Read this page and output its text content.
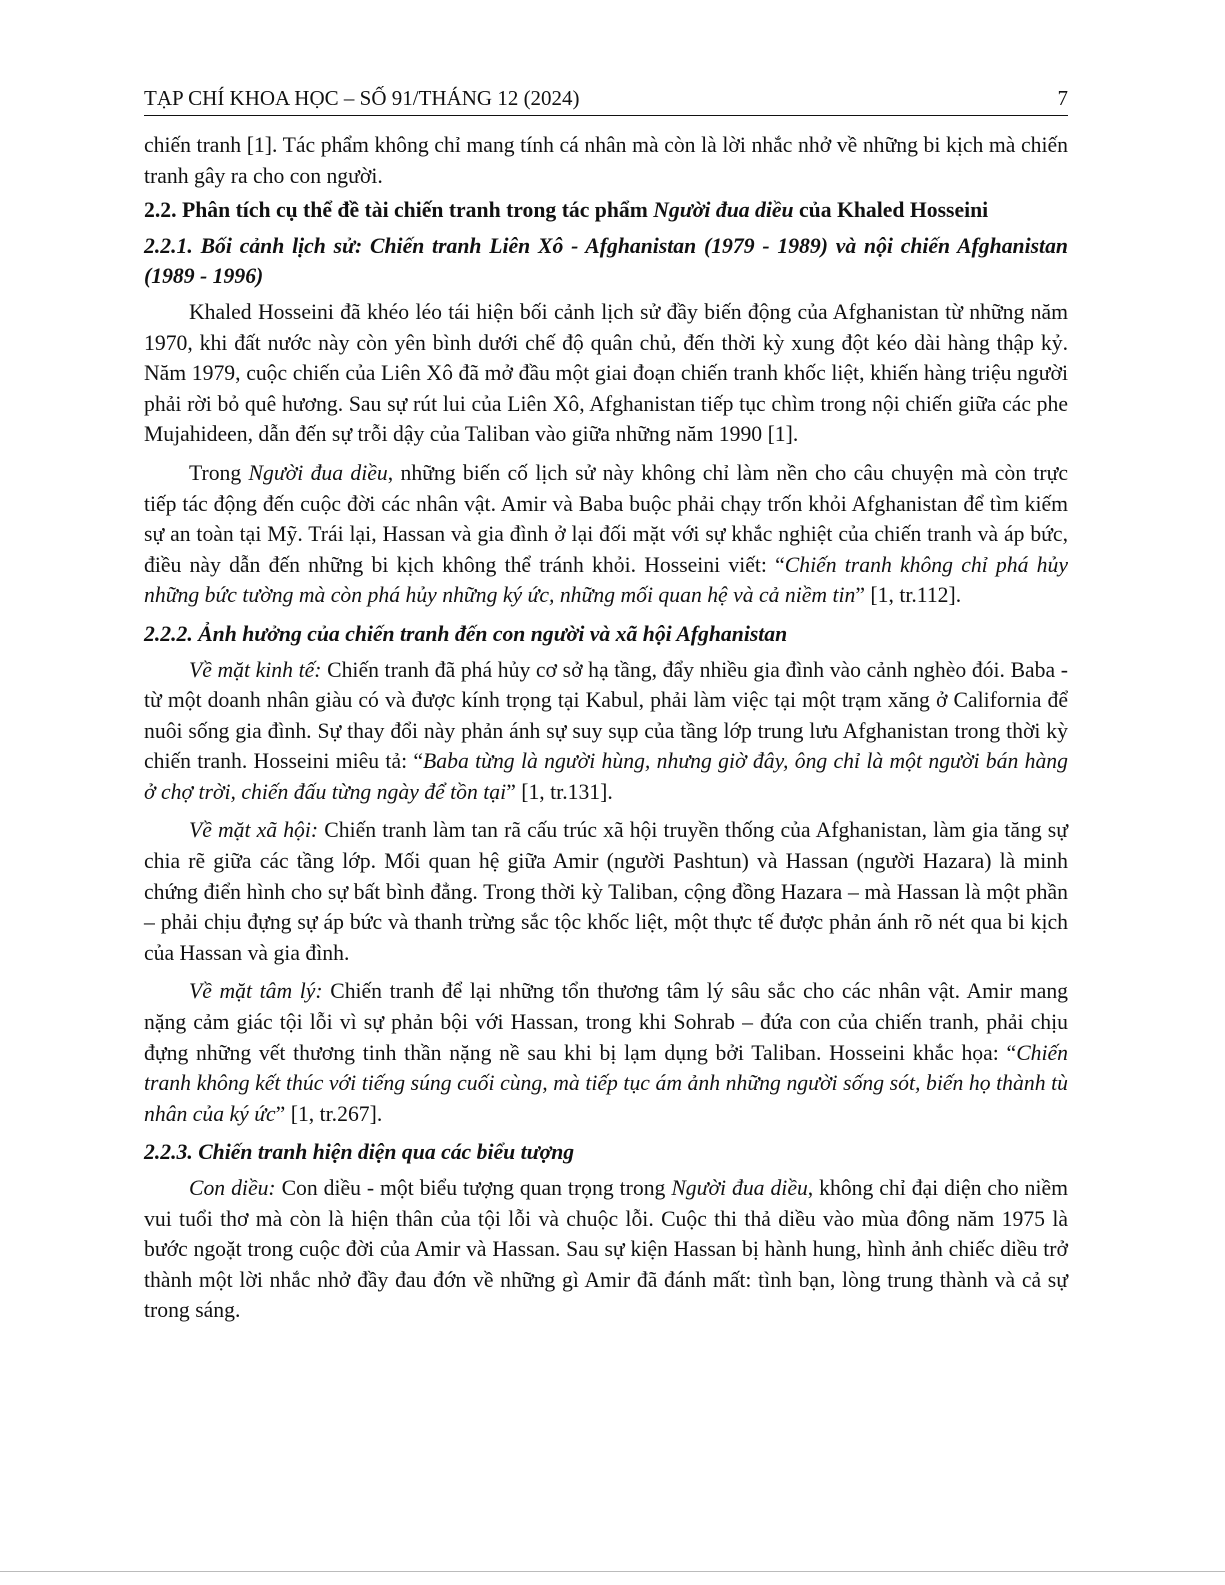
TẠP CHÍ KHOA HỌC – SỐ 91/THÁNG 12 (2024)	7

chiến tranh [1]. Tác phẩm không chỉ mang tính cá nhân mà còn là lời nhắc nhở về những bi kịch mà chiến tranh gây ra cho con người.

2.2. Phân tích cụ thể đề tài chiến tranh trong tác phẩm Người đua diều của Khaled Hosseini

2.2.1. Bối cảnh lịch sử: Chiến tranh Liên Xô - Afghanistan (1979 - 1989) và nội chiến Afghanistan (1989 - 1996)

Khaled Hosseini đã khéo léo tái hiện bối cảnh lịch sử đầy biến động của Afghanistan từ những năm 1970, khi đất nước này còn yên bình dưới chế độ quân chủ, đến thời kỳ xung đột kéo dài hàng thập kỷ. Năm 1979, cuộc chiến của Liên Xô đã mở đầu một giai đoạn chiến tranh khốc liệt, khiến hàng triệu người phải rời bỏ quê hương. Sau sự rút lui của Liên Xô, Afghanistan tiếp tục chìm trong nội chiến giữa các phe Mujahideen, dẫn đến sự trỗi dậy của Taliban vào giữa những năm 1990 [1].

Trong Người đua diều, những biến cố lịch sử này không chỉ làm nền cho câu chuyện mà còn trực tiếp tác động đến cuộc đời các nhân vật. Amir và Baba buộc phải chạy trốn khỏi Afghanistan để tìm kiếm sự an toàn tại Mỹ. Trái lại, Hassan và gia đình ở lại đối mặt với sự khắc nghiệt của chiến tranh và áp bức, điều này dẫn đến những bi kịch không thể tránh khỏi. Hosseini viết: “Chiến tranh không chỉ phá hủy những bức tường mà còn phá hủy những ký ức, những mối quan hệ và cả niềm tin” [1, tr.112].

2.2.2. Ảnh hưởng của chiến tranh đến con người và xã hội Afghanistan

Về mặt kinh tế: Chiến tranh đã phá hủy cơ sở hạ tầng, đẩy nhiều gia đình vào cảnh nghèo đói. Baba - từ một doanh nhân giàu có và được kính trọng tại Kabul, phải làm việc tại một trạm xăng ở California để nuôi sống gia đình. Sự thay đổi này phản ánh sự suy sụp của tầng lớp trung lưu Afghanistan trong thời kỳ chiến tranh. Hosseini miêu tả: “Baba từng là người hùng, nhưng giờ đây, ông chỉ là một người bán hàng ở chợ trời, chiến đấu từng ngày để tồn tại” [1, tr.131].

Về mặt xã hội: Chiến tranh làm tan rã cấu trúc xã hội truyền thống của Afghanistan, làm gia tăng sự chia rẽ giữa các tầng lớp. Mối quan hệ giữa Amir (người Pashtun) và Hassan (người Hazara) là minh chứng điển hình cho sự bất bình đẳng. Trong thời kỳ Taliban, cộng đồng Hazara – mà Hassan là một phần – phải chịu đựng sự áp bức và thanh trừng sắc tộc khốc liệt, một thực tế được phản ánh rõ nét qua bi kịch của Hassan và gia đình.

Về mặt tâm lý: Chiến tranh để lại những tổn thương tâm lý sâu sắc cho các nhân vật. Amir mang nặng cảm giác tội lỗi vì sự phản bội với Hassan, trong khi Sohrab – đứa con của chiến tranh, phải chịu đựng những vết thương tinh thần nặng nề sau khi bị lạm dụng bởi Taliban. Hosseini khắc họa: “Chiến tranh không kết thúc với tiếng súng cuối cùng, mà tiếp tục ám ảnh những người sống sót, biến họ thành tù nhân của ký ức” [1, tr.267].

2.2.3. Chiến tranh hiện diện qua các biểu tượng

Con diều: Con diều - một biểu tượng quan trọng trong Người đua diều, không chỉ đại diện cho niềm vui tuổi thơ mà còn là hiện thân của tội lỗi và chuộc lỗi. Cuộc thi thả diều vào mùa đông năm 1975 là bước ngoặt trong cuộc đời của Amir và Hassan. Sau sự kiện Hassan bị hành hung, hình ảnh chiếc diều trở thành một lời nhắc nhở đầy đau đớn về những gì Amir đã đánh mất: tình bạn, lòng trung thành và cả sự trong sáng.
